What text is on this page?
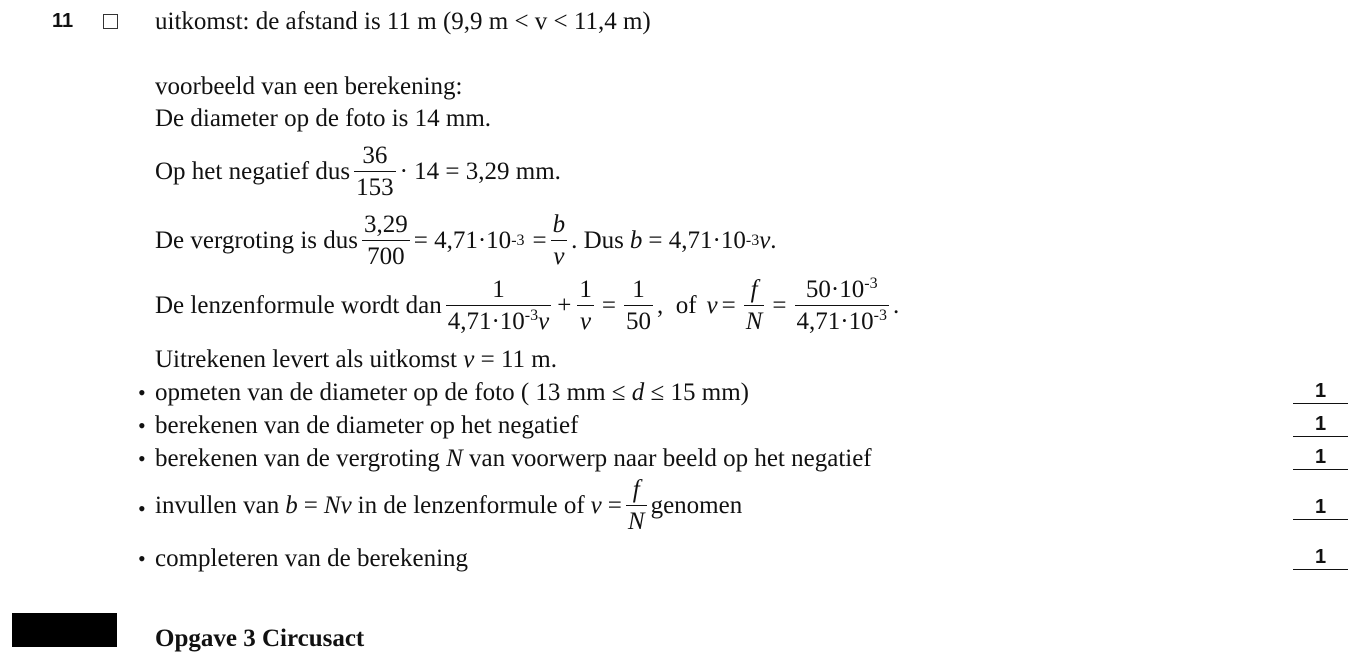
11	uitkomst: de afstand is 11 m (9,9 m < v < 11,4 m)
voorbeeld van een berekening:
De diameter op de foto is 14 mm.
Op het negatief dus $\frac{36}{153} \cdot 14 = 3,29$ mm.
De vergroting is dus $\frac{3,29}{700} = 4,71\cdot 10$ $-3 = \frac{b}{v}$ . Dus b = 4,71·10 -3 v .
De lenzenformule wordt dan $\frac{1}{4,71\cdot 10^{-3}v} + \frac{1}{v} = \frac{1}{50}$ ,  of $v = \frac{f}{N} = \frac{50\cdot 10^{-3}}{4,71\cdot 10^{-3}}$ .
Uitrekenen levert als uitkomst v = 11 m.
• opmeten van de diameter op de foto ( 13 mm ≤ d ≤ 15 mm)	1
• berekenen van de diameter op het negatief	1
• berekenen van de vergroting N van voorwerp naar beeld op het negatief	1
• invullen van b = Nv in de lenzenformule of $v = \frac{f}{N}$ genomen	1
• completeren van de berekening	1
Opgave 3 Circusact
